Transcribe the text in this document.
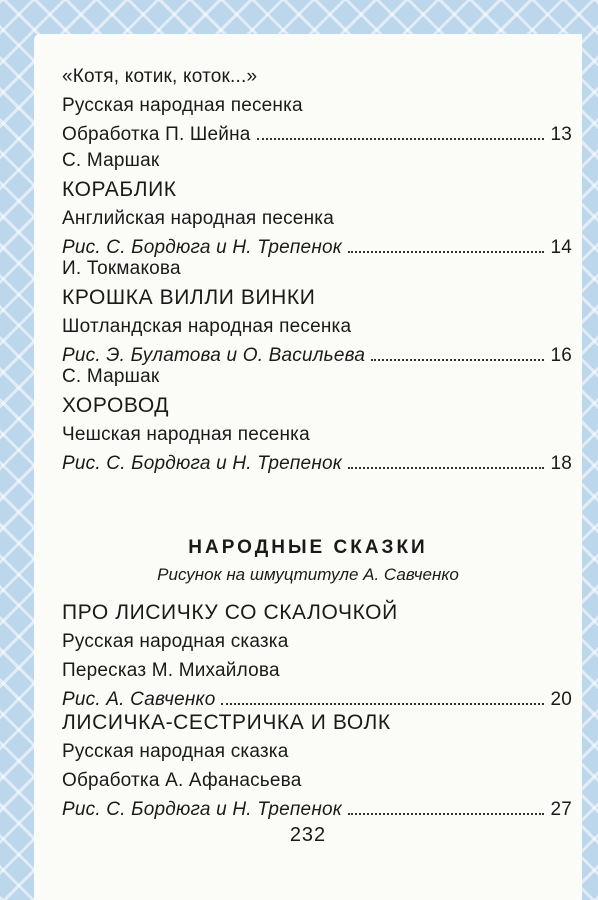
«Котя, котик, коток...»
Русская народная песенка
Обработка П. Шейна	13
С. Маршак
КОРАБЛИК
Английская народная песенка
Рис. С. Бордюга и Н. Трепенок	14
И. Токмакова
КРОШКА ВИЛЛИ ВИНКИ
Шотландская народная песенка
Рис. Э. Булатова и О. Васильева	16
С. Маршак
ХОРОВОД
Чешская народная песенка
Рис. С. Бордюга и Н. Трепенок	18
НАРОДНЫЕ СКАЗКИ
Рисунок на шмуцтитуле А. Савченко
ПРО ЛИСИЧКУ СО СКАЛОЧКОЙ
Русская народная сказка
Пересказ М. Михайлова
Рис. А. Савченко	20
ЛИСИЧКА-СЕСТРИЧКА И ВОЛК
Русская народная сказка
Обработка А. Афанасьева
Рис. С. Бордюга и Н. Трепенок	27
232
